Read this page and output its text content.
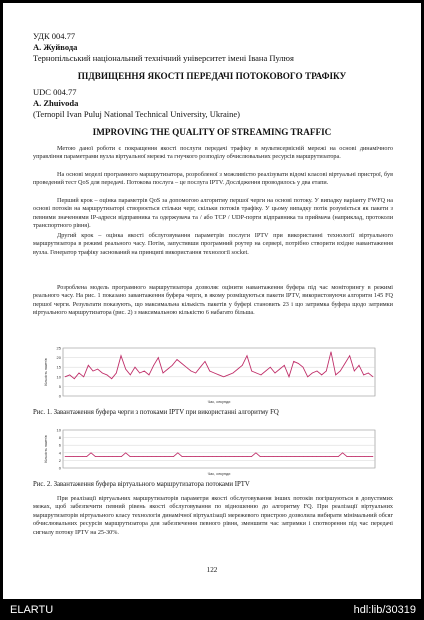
УДК 004.77
А. Жуйвода
Тернопільський національний технічний університет імені Івана Пулюя
ПІДВИЩЕННЯ ЯКОСТІ ПЕРЕДАЧІ ПОТОКОВОГО ТРАФІКУ
UDC 004.77
A. Zhuivoda
(Ternopil Ivan Puluj National Technical University, Ukraine)
IMPROVING THE QUALITY OF STREAMING TRAFFIC
Метою даної роботи є покращення якості послуги передачі трафіку в мультисервісній мережі на основі динамічного управління параметрами вузла віртуальної мережі та гнучкого розподілу обчислювальних ресурсів маршрутизатора.
На основі моделі програмного маршрутизатора, розробленої з можливістю реалізувати відомі класові віртуальні пристрої, був проведений тест QoS для передачі. Потокова послуга – це послуга IPTV. Дослідження проводилось у два етапи.
Перший крок – оцінка параметрів QoS за допомогою алгоритму першої черги на основі потоку. У випадку варіанту FWFQ на основі потоків на маршрутизаторі створюється стільки черг, скільки потоків трафіку. У цьому випадку потік розуміється як пакети з певними значеннями IP-адреси відправника та одержувача та / або TCP / UDP-порти відправника та приймача (наприклад, протоколи транспортного рівня).
Другий крок – оцінка якості обслуговування параметрів послуги IPTV при використанні технології віртуального маршрутизатора в режимі реального часу. Потім, запустивши програмний роутер на сервері, потрібно створити вхідне навантаження вузла. Генератор трафіку заснований на принципі використання технології socket.
Розроблена модель програмного маршрутизатора дозволяє оцінити навантаження буфера під час моніторингу в режимі реального часу. На рис. 1 показано завантаження буфера черги, в якому розміщуються пакети IPTV, використовуючи алгоритм 145 FQ першої черги. Результати показують, що максимальна кількість пакетів у буфері становить 23 і що затримка буфера щодо затримки віртуального маршрутизатора (рис. 2) з максимальною кількістю 6 набагато більша.
0
5
10
15
20
25
Кількість пакетів
Час, секунди
Рис. 1. Завантаження буфера черги з потоками IPTV при використанні алгоритму FQ
0
2
4
6
8
10
Кількість пакетів
Час, секунди
Рис. 2. Завантаження буфера віртуального маршрутизатора потоками IPTV
При реалізації віртуальних маршрутизаторів параметри якості обслуговування інших потоків погіршуються в допустимих межах, щоб забезпечити певний рівень якості обслуговування по відношенню до алгоритму FQ. При реалізації віртуальних маршрутизаторів віртуального класу технологія динамічної віртуалізації мережевого пристрою дозволила вибирати мінімальний обсяг обчислювальних ресурсів маршрутизатора для забезпечення певного рівня, зменшити час затримки і спотворення під час передачі сигналу потоку IPTV на 25-30%.
122
ELARTU	hdl:lib/30319
